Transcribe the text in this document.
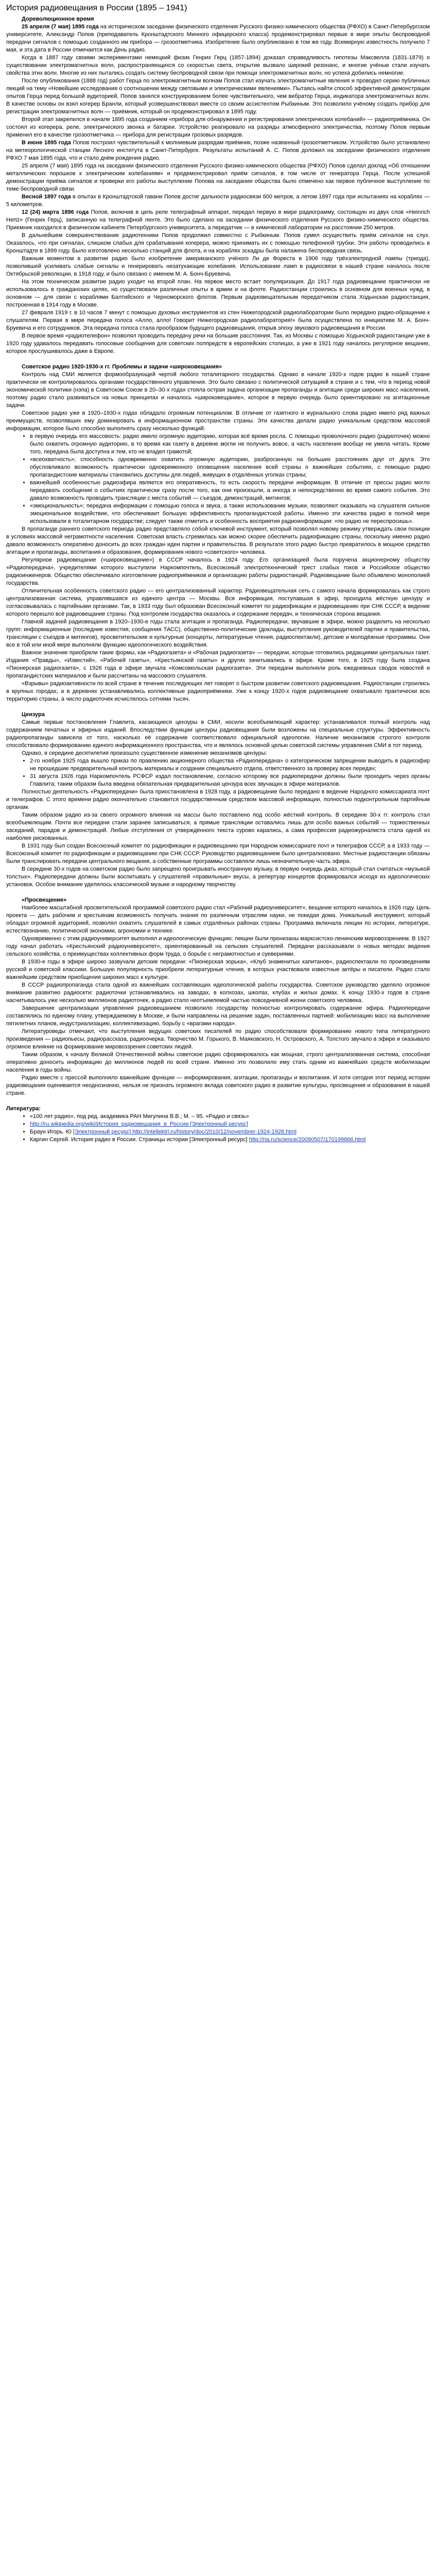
История радиовещания в России (1895 – 1941)
Дореволюционное время

25 апреля (7 мая) 1895 года на историческом заседании физического отделения Русского физико-химического общества (РФХО) в Санкт-Петербургском университете, Александр Попов (преподаватель Кронштадтского Минного офицерского класса) продемонстрировал первые в мире опыты беспроводной передачи сигналов с помощью созданного им прибора — грозоотметчика. Изобретение было опубликовано в том же году. Всемирную известность получило 7 мая, и эта дата в России отмечается как День радио.

Когда в 1887 году своими экспериментами немецкий физик Генрих Герц (1857-1894) доказал справедливость гипотезы Максвелла (1831-1879) о существовании электромагнитных волн, распространяющихся со скоростью света, открытие вызвало широкий резонанс, и многие учёные стали изучать свойства этих волн. Многие из них пытались создать систему беспроводной связи при помощи электромагнитных волн, но успеха добились немногие.

После опубликования (1888 год) работ Герца по электромагнитным волнам Попов стал изучать электромагнитные явления и проводил серию публичных лекций на тему «Новейшие исследования о соотношении между световыми и электрическими явлениями». Пытаясь найти способ эффективной демонстрации опытов Герца перед большой аудиторией, Попов занялся конструированием более чувствительного, чем вибратор Герца, индикатора электромагнитных волн. В качестве основы он взял когерер Бранли, который усовершенствовал вместе со своим ассистентом Рыбкиным. Это позволило учёному создать прибор для регистрации электромагнитных волн — приёмник, который он продемонстрировал в 1895 году.

Второй этап закрепился в начале 1895 года созданием «прибора для обнаружения и регистрирования электрических колебаний» — радиоприёмника. Он состоял из когерера, реле, электрического звонка и батареи. Устройство реагировало на разряды атмосферного электричества, поэтому Попов первым применил его в качестве грозоотметчика — прибора для регистрации грозовых разрядов.

В июне 1895 года Попов построил чувствительный к молниевым разрядам приёмник, позже названный грозоотметчиком. Устройство было установлено на метеорологической станции Лесного института в Санкт-Петербурге. Результаты испытаний А. С. Попов доложил на заседании физического отделения РФХО 7 мая 1895 года, что и стало днём рождения радио.

25 апреля (7 мая) 1895 года на заседании физического отделения Русского физико-химического общества (РФХО) Попов сделал доклад «Об отношении металлических порошков к электрическим колебаниям» и продемонстрировал приём сигналов, в том числе от генератора Герца. После успешной демонстрации приёма сигналов и проверки его работы выступление Попова на заседании общества было отмечено как первое публичное выступление по теме беспроводной связи.

Весной 1897 года в опытах в Кронштадтской гавани Попов достиг дальности радиосвязи 600 метров, а летом 1897 года при испытаниях на кораблях — 5 километров.

12 (24) марта 1896 года Попов, включив в цепь реле телеграфный аппарат, передал первую в мире радиограмму, состоящую из двух слов «Heinrich Hertz» (Генрих Герц), записанную на телеграфной ленте. Это было сделано на заседании физического отделения Русского физико-химического общества. Приемник находился в физическом кабинете Петербургского университета, а передатчик — в химической лаборатории на расстоянии 250 метров.

В дальнейшем совершенствование радиотехники Попов продолжил совместно с Рыбкиным. Попов сумел осуществить приём сигналов на слух. Оказалось, что при сигналах, слишком слабых для срабатывания когерера, можно принимать их с помощью телефонной трубки. Эти работы проводились в Кронштадте в 1899 году. Было изготовлено несколько станций для флота, и на кораблях эскадры была налажена беспроводная связь.

Важным моментом в развитии радио было изобретение американского учёного Ли де Фореста в 1906 году трёхэлектродной лампы (триода), позволившей усиливать слабые сигналы и генерировать незатухающие колебания. Использование ламп в радиосвязи в нашей стране началось после Октябрьской революции, в 1918 году, и было связано с именем М. А. Бонч-Бруевича.

На этом техническом развитие радио уходит на второй план. На первое место встает популяризация. До 1917 года радиовещание практически не использовалось в гражданских целях, но существовали различные опыты в армии и на флоте. Радиостанции строились в основном для военных нужд, в основном — для связи с кораблями Балтийского и Черноморского флотов. Первым радиовещательным передатчиком стала Ходынская радиостанция, построенная в 1914 году в Москве.

27 февраля 1919 г. в 10 часов 7 минут с помощью духовых инструментов из стен Нижегородской радиолаборатории было передано радио-обращение к слушателям. Первая в мире передача голоса «Алло, алло! Говорит Нижегородская радиолаборатория!» была осуществлена по инициативе М. А. Бонч-Бруевича и его сотрудников. Эта передача голоса стала прообразом будущего радиовещания, открыв эпоху звукового радиовещания в России.

В первое время «радиотелефон» позволял проводить передачу речи на большие расстояния. Так, из Москвы с помощью Ходынской радиостанции уже в 1920 году удавалось передавать голосовые сообщения для советских полпредств в европейских столицах, а уже в 1921 году началось регулярное вещание, которое прослушивалось даже в Европе.

Советское радио 1920-1930-х гг. Проблемы и задачи «широковещания»

Контроль над СМИ является формообразующей чертой любого тоталитарного государства. Однако в начале 1920-х годов радио в нашей стране практически не контролировалось органами государственного управления. Это было связано с политической ситуацией в стране и с тем, что в период новой экономической политики (нэпа) в Советском Союзе в 20–30-х годах стояла острая задача организации пропаганды и агитации среди широких масс населения, поэтому радио стало развиваться на новых принципах и началось «широковещание», которое в первую очередь было ориентировано на агитационные задачи.

Советское радио уже в 1920–1930-х годах обладало огромным потенциалом. В отличие от газетного и журнального слова радио имело ряд важных преимуществ, позволявших ему доминировать в информационном пространстве страны. Эти качества делали радио уникальным средством массовой информации, которое было способно выполнять сразу несколько функций:

• в первую очередь его массовость: радио имело огромную аудиторию, которая всё время росла. С помощью проволочного радио (радиоточек) можно было охватить огромную аудиторию, в то время как газету в деревне могли не получить вовсе, а часть населения вообще не умела читать. Кроме того, передача была доступна и тем, кто не владел грамотой;
• «всеохватность»; способность одновременно охватить огромную аудиторию, разбросанную на больших расстояниях друг от друга. Это обусловливало возможность практически одновременного оповещения населения всей страны о важнейших событиях, с помощью радио пропагандистские материалы становились доступны для людей, живущих в отдалённых уголках страны;
• важнейшей особенностью радиоэфира является его оперативность, то есть скорость передачи информации. В отличие от прессы радио могло передавать сообщения о событиях практически сразу после того, как они произошли, а иногда и непосредственно во время самого события. Это давало возможность проводить трансляции с места событий — съездов, демонстраций, митингов;
• «эмоциональность»; передача информации с помощью голоса и звука, а также использование музыки, позволяют оказывать на слушателя сильное эмоциональное воздействие, что обеспечивает большую эффективность пропагандистской работы. Именно эти качества радио в полной мере использовали в тоталитарном государстве; следует также отметить и особенность восприятия радиоинформации: «по радио не переспросишь».

В пропаганде раннего советского периода радио представляло собой ключевой инструмент, который позволял новому режиму утверждать свои позиции в условиях массовой неграмотности населения. Советская власть стремилась как можно скорее обеспечить радиофикацию страны, поскольку именно радио давало возможность оперативно доносить до всех граждан идеи партии и правительства. В результате этого радио быстро превратилось в мощное средство агитации и пропаганды, воспитания и образования, формирования нового «советского» человека.

Регулярное радиовещание («широковещание») в СССР началось в 1924 году. Его организацией была поручена акционерному обществу «Радиопередача», учредителями которого выступили Наркомпочтель, Всесоюзный электротехнический трест слабых токов и Российское общество радиоинженеров. Общество обеспечивало изготовление радиоприёмников и организацию работы радиостанций. Радиовещание было объявлено монополией государства.

Отличительная особенность советского радио — его централизованный характер. Радиовещательная сеть с самого начала формировалась как строго централизованная система, управлявшаяся из единого центра — Москвы. Вся информация, поступавшая в эфир, проходила жёсткую цензуру и согласовывалась с партийными органами. Так, в 1933 году был образован Всесоюзный комитет по радиофикации и радиовещанию при СНК СССР, в ведение которого перешло всё радиовещание страны. Под контролем государства оказалось и содержание передач, и техническая сторона вещания.

Главной задачей радиовещания в 1920–1930-е годы стала агитация и пропаганда. Радиопередачи, звучавшие в эфире, можно разделить на несколько групп: информационные (последние известия, сообщения ТАСС), общественно-политические (доклады, выступления руководителей партии и правительства, трансляции с съездов и митингов), просветительские и культурные (концерты, литературные чтения, радиоспектакли), детские и молодёжные программы. Они все в той или иной мере выполняли функцию идеологического воздействия.

Важное значение приобрели такие формы, как «Радиогазета» и «Рабочая радиогазета» — передачи, которые готовились редакциями центральных газет. Издания «Правды», «Известий», «Рабочей газеты», «Крестьянской газеты» и других зачитывались в эфире. Кроме того, в 1925 году была создана «Пионерская радиогазета», с 1926 года в эфире звучала «Комсомольская радиогазета». Эти передачи выполняли роль ежедневных сводок новостей и пропагандистских материалов и были рассчитаны на массового слушателя.

«Взрывы» радиоактивности по всей стране в течение последующих лет говорят о быстром развитии советского радиовещания. Радиостанции строились в крупных городах, а в деревнях устанавливались коллективные радиоприёмники. Уже к концу 1920-х годов радиовещание охватывало практически всю территорию страны, а число радиоточек исчислялось сотнями тысяч.

Цензура

Самые первые постановления Главлита, касающиеся цензуры в СМИ, носили всеобъемлющий характер: устанавливался полный контроль над содержанием печатных и эфирных изданий. Впоследствии функции цензуры радиовещания были возложены на специальные структуры. Эффективность радиопропаганды зависела от того, насколько её содержание соответствовало официальной идеологии. Наличие механизмов строгого контроля способствовало формированию единого информационного пространства, что и являлось основной целью советской системы управления СМИ в тот период.

Однако, в середине десятилетия произошло существенное изменение механизмов цензуры:

• 2-го ноября 1925 года вышло приказ по правлению акционерного общества «Радиопередача» о категорическом запрещении выводить в радиоэфир не прошедшие предварительный контроль материалы и создании специального отдела, ответственного за проверку всех передач;
• 31 августа 1926 года Наркомпочтель РСФСР издал постановление, согласно которому все радиопередачи должны были проходить через органы Главлита; таким образом была введена обязательная предварительная цензура всех звучащих в эфире материалов.

Полностью деятельность «Радиопередачи» была приостановлена в 1928 году, а радиовещание было передано в ведение Народного комиссариата почт и телеграфов. С этого времени радио окончательно становится государственным средством массовой информации, полностью подконтрольным партийным органам.

Таким образом радио из-за своего огромного влияния на массы было поставлено под особо жёсткий контроль. В середине 30-х гг. контроль стал всеобъемлющим. Почти все передачи стали заранее записываться, а прямые трансляции оставались лишь для особо важных событий — торжественных заседаний, парадов и демонстраций. Любые отступления от утверждённого текста сурово карались, а сама профессия радиожурналиста стала одной из наиболее рискованных.

В 1931 году был создан Всесоюзный комитет по радиофикации и радиовещанию при Народном комиссариате почт и телеграфов СССР, а в 1933 году — Всесоюзный комитет по радиофикации и радиовещанию при СНК СССР. Руководство радиовещанием было централизовано. Местные радиостанции обязаны были транслировать передачи центрального вещания, а собственные программы составляли лишь незначительную часть эфира.

В середине 30-х годов на советском радио было запрещено проигрывать иностранную музыку, в первую очередь джаз, который стал считаться «музыкой толстых». Радиопередачи должны были воспитывать у слушателей «правильные» вкусы, а репертуар концертов формировался исходя из идеологических установок. Особое внимание уделялось классической музыке и народному творчеству.

«Просвещение»

Наиболее масштабной просветительской программой советского радио стал «Рабочий радиоуниверситет», вещание которого началось в 1926 году. Цель проекта — дать рабочим и крестьянам возможность получать знания по различным отраслям науки, не покидая дома. Уникальный инструмент, который обладал огромной аудиторией, позволял охватить слушателей в самых отдалённых районах страны. Программа включала лекции по истории, литературе, естествознанию, политической экономии, агрономии и технике.

Одновременно с этим радиоуниверситет выполнял и идеологическую функцию: лекции были пронизаны марксистско-ленинским мировоззрением. В 1927 году начал работать «Крестьянский радиоуниверситет», ориентированный на сельских слушателей. Передачи рассказывали о новых методах ведения сельского хозяйства, о преимуществах коллективных форм труда, о борьбе с неграмотностью и суевериями.

В 1930-е годы в эфире широко зазвучали детские передачи: «Пионерская зорька», «Клуб знаменитых капитанов», радиоспектакли по произведениям русской и советской классики. Большую популярность приобрели литературные чтения, в которых участвовали известные актёры и писатели. Радио стало важнейшим средством приобщения широких масс к культуре.

В СССР радиопропаганда стала одной из важнейших составляющих идеологической работы государства. Советское руководство уделяло огромное внимание развитию радиосети: радиоточки устанавливались на заводах, в колхозах, школах, клубах и жилых домах. К концу 1930-х годов в стране насчитывалось уже несколько миллионов радиоточек, а радио стало неотъемлемой частью повседневной жизни советского человека.

Завершение централизации управления радиовещанием позволило государству полностью контролировать содержание эфира. Радиопередачи составлялись по единому плану, утверждаемому в Москве, и были направлены на решение задач, поставленных партией: мобилизацию масс на выполнение пятилетних планов, индустриализацию, коллективизацию, борьбу с «врагами народа».

Литературоведы отмечают, что выступления ведущих советских писателей по радио способствовали формированию нового типа литературного произведения — радиопьесы, радиорассказа, радиоочерка. Творчество М. Горького, В. Маяковского, Н. Островского, А. Толстого звучало в эфире и оказывало огромное влияние на формирование мировоззрения советских людей.

Таким образом, к началу Великой Отечественной войны советское радио сформировалось как мощная, строго централизованная система, способная оперативно доносить информацию до миллионов людей по всей стране. Именно это позволило ему стать одним из важнейших средств мобилизации населения в годы войны.

Радио вместе с прессой выполняло важнейшие функции — информирования, агитации, пропаганды и воспитания. И хотя сегодня этот период истории радиовещания оценивается неоднозначно, нельзя не признать огромного вклада советского радио в развитие культуры, просвещения и образования в нашей стране.

Литература:
• «100 лет радио», под ред. академика РАН Мигулина В.В.; М. – 95. «Радио и связь»
• http://ru.wikipedia.org/wiki/История_радиовещания_в_России [Электронный ресурс]
• Браун Игорь. Ю [Электронный ресурс] http://intellektrl.ru/history/doc/2010/12/novembrer-1924-1928.html
• Каргин Сергей. История радио в России. Страницы истории [Электронный ресурс] http://ria.ru/science/20090507/170199866.html
